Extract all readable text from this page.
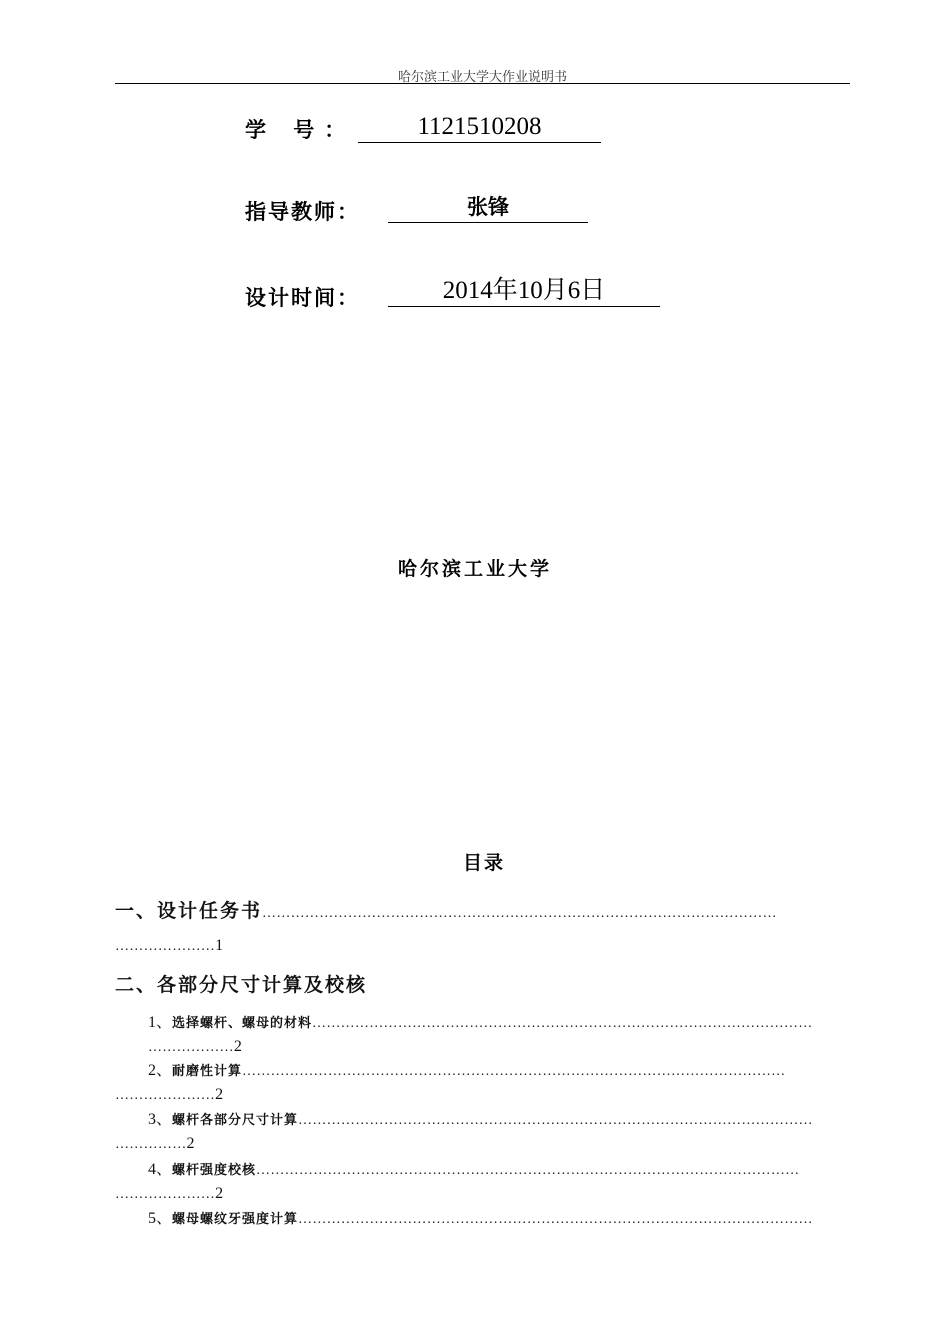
哈尔滨工业大学大作业说明书
学 号：	1121510208
指导教师：	张锋
设计时间：	2014年10月6日
哈尔滨工业大学
目录
一、设计任务书………………………………………………………………………………………………
…………………1
二、各部分尺寸计算及校核
1、选择螺杆、螺母的材料……………………………………………………………………………………………
………………2
2、耐磨性计算……………………………………………………………………………………………………
…………………2
3、螺杆各部分尺寸计算………………………………………………………………………………………………
……………2
4、螺杆强度校核……………………………………………………………………………………………………
…………………2
5、螺母螺纹牙强度计算………………………………………………………………………………………………
